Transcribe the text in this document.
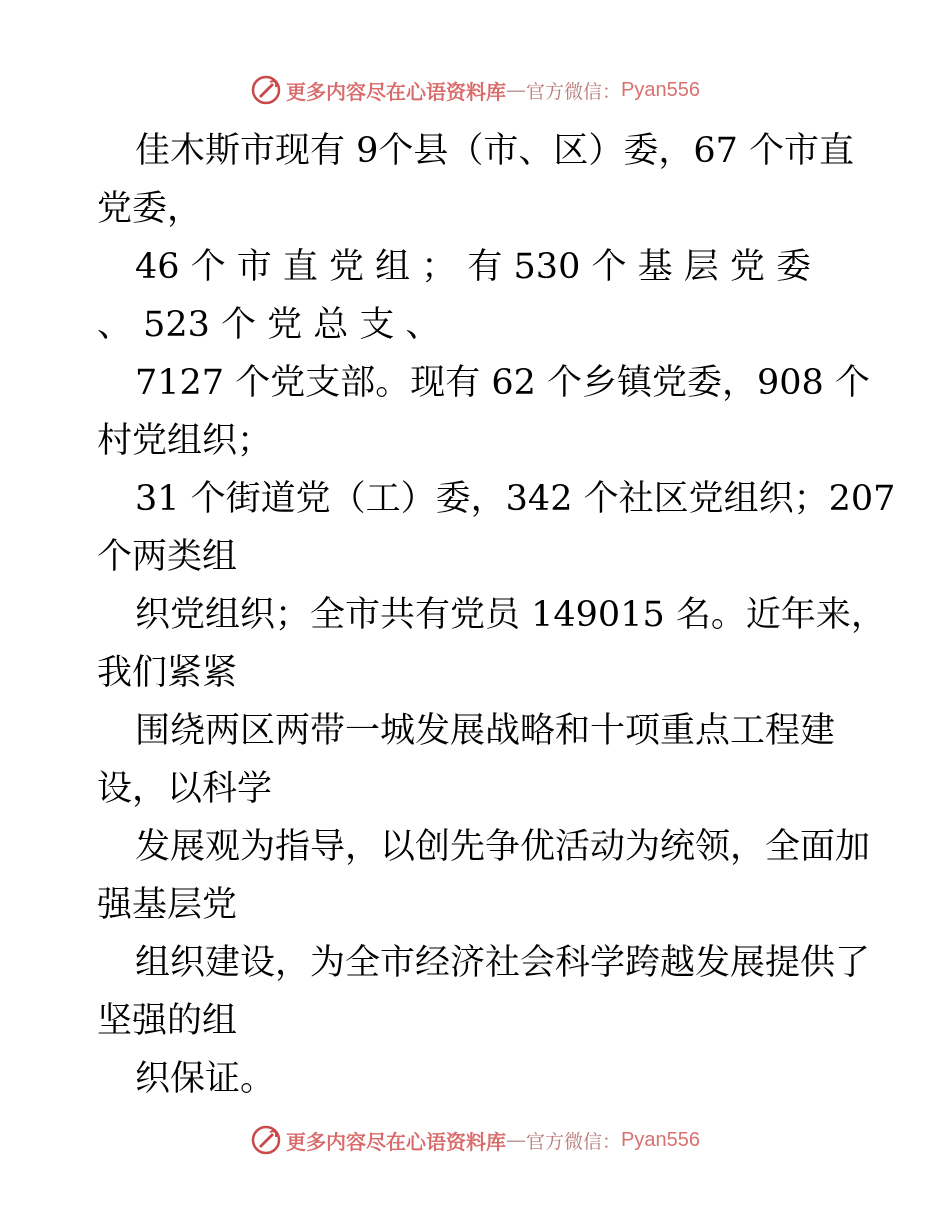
更多内容尽在心语资料库 — 官方微信： Pyan556
佳木斯市现有 9个县（市、区）委，67 个市直
党委，
46 个 市 直 党 组 ； 有 530 个 基 层 党 委
、 523 个 党 总 支 、
7127 个党支部。现有 62 个乡镇党委，908 个
村党组织；
31 个街道党（工）委，342 个社区党组织；207
个两类组
织党组织；全市共有党员 149015 名。近年来，
我们紧紧
围绕两区两带一城发展战略和十项重点工程建
设，以科学
发展观为指导，以创先争优活动为统领，全面加
强基层党
组织建设，为全市经济社会科学跨越发展提供了
坚强的组
织保证。
更多内容尽在心语资料库 — 官方微信： Pyan556
